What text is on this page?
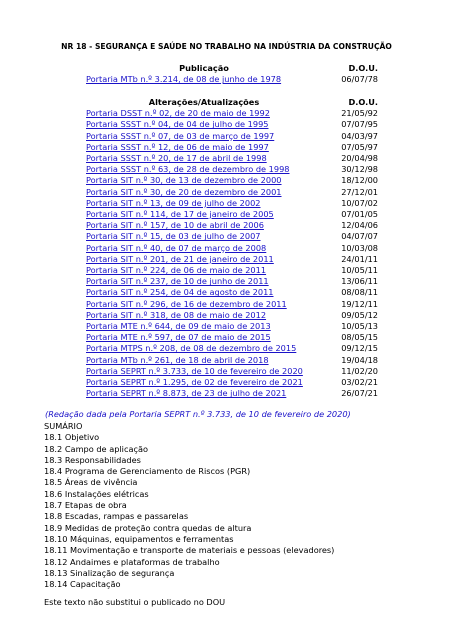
NR 18 - SEGURANÇA E SAÚDE NO TRABALHO NA INDÚSTRIA DA CONSTRUÇÃO
Publicação	D.O.U.
Portaria MTb n.º 3.214, de 08 de junho de 1978	06/07/78
Alterações/Atualizações	D.O.U.
Portaria DSST n.º 02, de 20 de maio de 1992	21/05/92
Portaria SSST n.º 04, de 04 de julho de 1995	07/07/95
Portaria SSST n.º 07, de 03 de março de 1997	04/03/97
Portaria SSST n.º 12, de 06 de maio de 1997	07/05/97
Portaria SSST n.º 20, de 17 de abril de 1998	20/04/98
Portaria SSST n.º 63, de 28 de dezembro de 1998	30/12/98
Portaria SIT n.º 30, de 13 de dezembro de 2000	18/12/00
Portaria SIT n.º 30, de 20 de dezembro de 2001	27/12/01
Portaria SIT n.º 13, de 09 de julho de 2002	10/07/02
Portaria SIT n.º 114, de 17 de janeiro de 2005	07/01/05
Portaria SIT n.º 157, de 10 de abril de 2006	12/04/06
Portaria SIT n.º 15, de 03 de julho de 2007	04/07/07
Portaria SIT n.º 40, de 07 de março de 2008	10/03/08
Portaria SIT n.º 201, de 21 de janeiro de 2011	24/01/11
Portaria SIT n.º 224, de 06 de maio de 2011	10/05/11
Portaria SIT n.º 237, de 10 de junho de 2011	13/06/11
Portaria SIT n.º 254, de 04 de agosto de 2011	08/08/11
Portaria SIT n.º 296, de 16 de dezembro de 2011	19/12/11
Portaria SIT n.º 318, de 08 de maio de 2012	09/05/12
Portaria MTE n.º 644, de 09 de maio de 2013	10/05/13
Portaria MTE n.º 597, de 07 de maio de 2015	08/05/15
Portaria MTPS n.º 208, de 08 de dezembro de 2015	09/12/15
Portaria MTb n.º 261, de 18 de abril de 2018	19/04/18
Portaria SEPRT n.º 3.733, de 10 de fevereiro de 2020	11/02/20
Portaria SEPRT n.º 1.295, de 02 de fevereiro de 2021	03/02/21
Portaria SEPRT n.º 8.873, de 23 de julho de 2021	26/07/21
(Redação dada pela Portaria SEPRT n.º 3.733, de 10 de fevereiro de 2020)
SUMÁRIO
18.1 Objetivo
18.2 Campo de aplicação
18.3 Responsabilidades
18.4 Programa de Gerenciamento de Riscos (PGR)
18.5 Áreas de vivência
18.6 Instalações elétricas
18.7 Etapas de obra
18.8 Escadas, rampas e passarelas
18.9 Medidas de proteção contra quedas de altura
18.10 Máquinas, equipamentos e ferramentas
18.11 Movimentação e transporte de materiais e pessoas (elevadores)
18.12 Andaimes e plataformas de trabalho
18.13 Sinalização de segurança
18.14 Capacitação
Este texto não substitui o publicado no DOU
